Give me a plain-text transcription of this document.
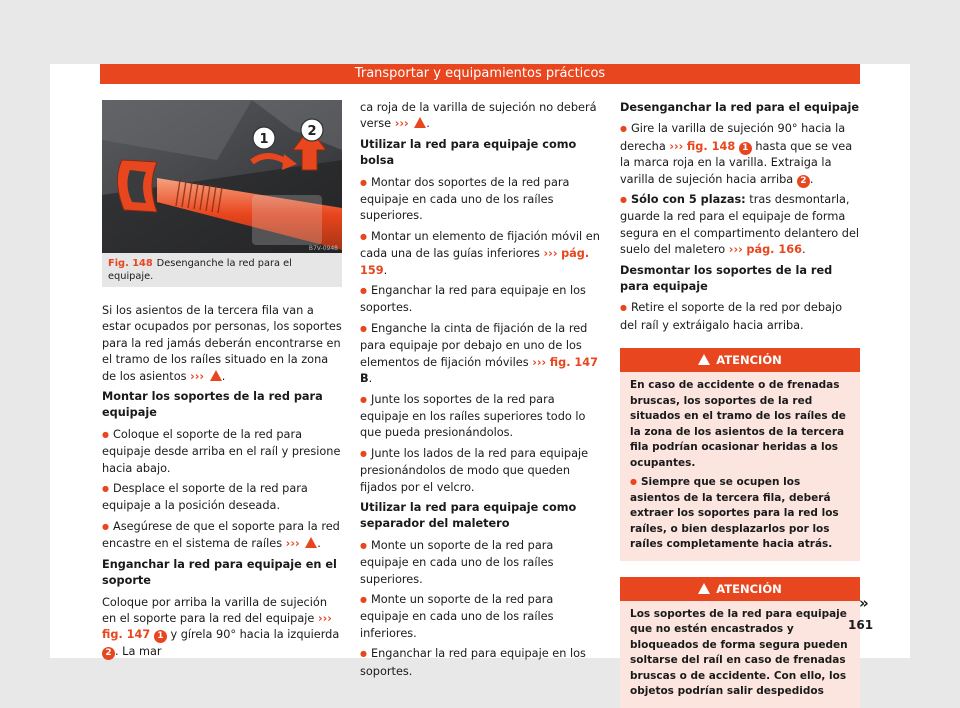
Transportar y equipamientos prácticos
1
2
B7V-0948
Fig. 148 Desenganche la red para el equipaje.

Si los asientos de la tercera fila van a estar ocupados por personas, los soportes para la red jamás deberán encontrarse en el tramo de los raíles situado en la zona de los asientos ››› .

Montar los soportes de la red para equipaje

● Coloque el soporte de la red para equipaje desde arriba en el raíl y presione hacia abajo.

● Desplace el soporte de la red para equipaje a la posición deseada.

● Asegúrese de que el soporte para la red encastre en el sistema de raíles ››› .

Enganchar la red para equipaje en el soporte

Coloque por arriba la varilla de sujeción en el soporte para la red del equipaje ››› fig. 147 1 y gírela 90° hacia la izquierda 2 . La mar

ca roja de la varilla de sujeción no deberá verse ››› .

Utilizar la red para equipaje como bolsa

● Montar dos soportes de la red para equipaje en cada uno de los raíles superiores.

● Montar un elemento de fijación móvil en cada una de las guías inferiores ››› pág. 159.

● Enganchar la red para equipaje en los soportes.

● Enganche la cinta de fijación de la red para equipaje por debajo en uno de los elementos de fijación móviles ››› fig. 147 B.

● Junte los soportes de la red para equipaje en los raíles superiores todo lo que pueda presionándolos.

● Junte los lados de la red para equipaje presionándolos de modo que queden fijados por el velcro.

Utilizar la red para equipaje como separador del maletero

● Monte un soporte de la red para equipaje en cada uno de los raíles superiores.

● Monte un soporte de la red para equipaje en cada uno de los raíles inferiores.

● Enganchar la red para equipaje en los soportes.

Desenganchar la red para el equipaje

● Gire la varilla de sujeción 90° hacia la derecha ››› fig. 148 1 hasta que se vea la marca roja en la varilla. Extraiga la varilla de sujeción hacia arriba 2 .

● Sólo con 5 plazas: tras desmontarla, guarde la red para el equipaje de forma segura en el compartimento delantero del suelo del maletero ››› pág. 166.

Desmontar los soportes de la red para equipaje

● Retire el soporte de la red por debajo del raíl y extráigalo hacia arriba.

ATENCIÓN

En caso de accidente o de frenadas bruscas, los soportes de la red situados en el tramo de los raíles de la zona de los asientos de la tercera fila podrían ocasionar heridas a los ocupantes.

● Siempre que se ocupen los asientos de la tercera fila, deberá extraer los soportes para la red los raíles, o bien desplazarlos por los raíles completamente hacia atrás.

ATENCIÓN

Los soportes de la red para equipaje que no estén encastrados y bloqueados de forma segura pueden soltarse del raíl en caso de frenadas bruscas o de accidente. Con ello, los objetos podrían salir despedidos

»
161
